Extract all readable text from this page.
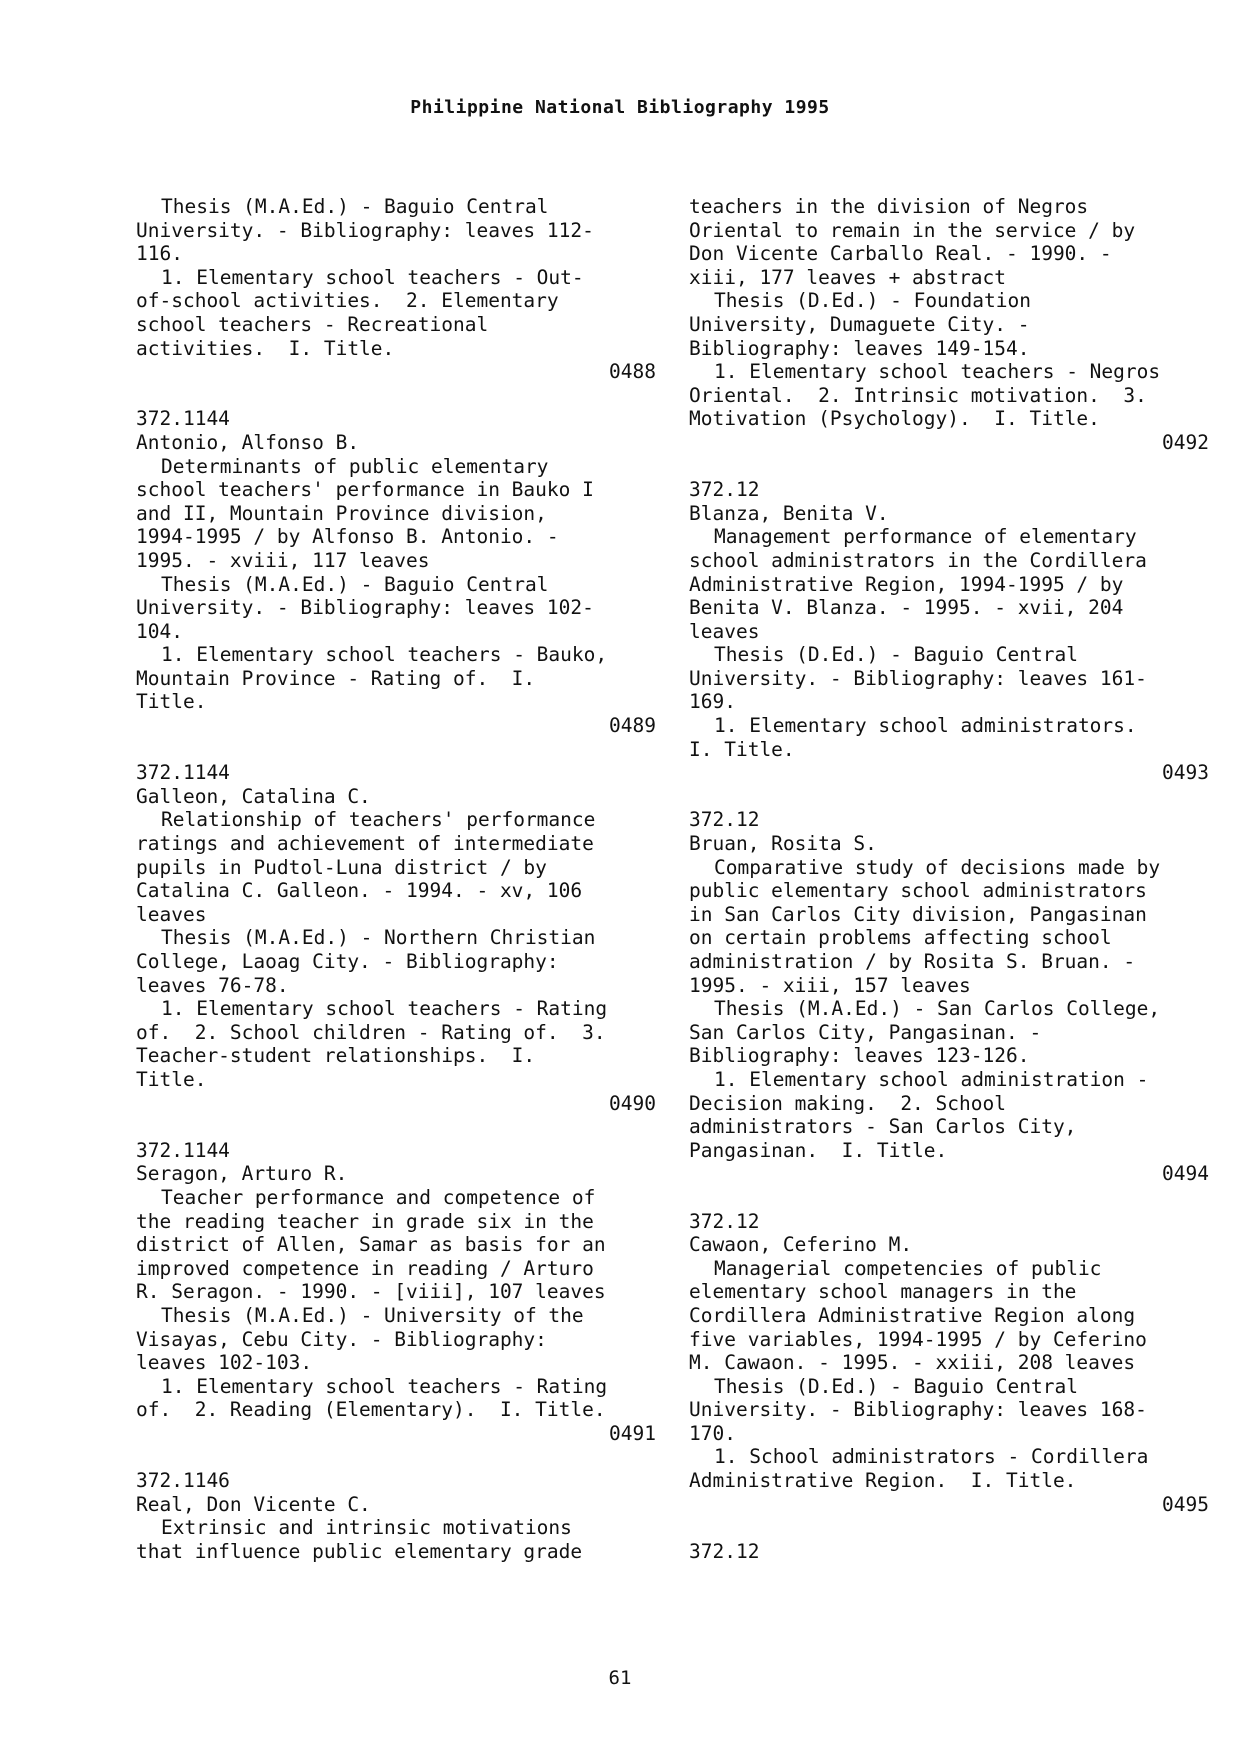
Philippine National Bibliography 1995
Thesis (M.A.Ed.) - Baguio Central
University. - Bibliography: leaves 112-
116.
1. Elementary school teachers - Out-
of-school activities.  2. Elementary
school teachers - Recreational
activities.  I. Title.
0488
372.1144
Antonio, Alfonso B.
Determinants of public elementary
school teachers' performance in Bauko I
and II, Mountain Province division,
1994-1995 / by Alfonso B. Antonio. -
1995. - xviii, 117 leaves
Thesis (M.A.Ed.) - Baguio Central
University. - Bibliography: leaves 102-
104.
1. Elementary school teachers - Bauko,
Mountain Province - Rating of.  I.
Title.
0489
372.1144
Galleon, Catalina C.
Relationship of teachers' performance
ratings and achievement of intermediate
pupils in Pudtol-Luna district / by
Catalina C. Galleon. - 1994. - xv, 106
leaves
Thesis (M.A.Ed.) - Northern Christian
College, Laoag City. - Bibliography:
leaves 76-78.
1. Elementary school teachers - Rating
of.  2. School children - Rating of.  3.
Teacher-student relationships.  I.
Title.
0490
372.1144
Seragon, Arturo R.
Teacher performance and competence of
the reading teacher in grade six in the
district of Allen, Samar as basis for an
improved competence in reading / Arturo
R. Seragon. - 1990. - [viii], 107 leaves
Thesis (M.A.Ed.) - University of the
Visayas, Cebu City. - Bibliography:
leaves 102-103.
1. Elementary school teachers - Rating
of.  2. Reading (Elementary).  I. Title.
0491
372.1146
Real, Don Vicente C.
Extrinsic and intrinsic motivations
that influence public elementary grade
teachers in the division of Negros
Oriental to remain in the service / by
Don Vicente Carballo Real. - 1990. -
xiii, 177 leaves + abstract
Thesis (D.Ed.) - Foundation
University, Dumaguete City. -
Bibliography: leaves 149-154.
1. Elementary school teachers - Negros
Oriental.  2. Intrinsic motivation.  3.
Motivation (Psychology).  I. Title.
0492
372.12
Blanza, Benita V.
Management performance of elementary
school administrators in the Cordillera
Administrative Region, 1994-1995 / by
Benita V. Blanza. - 1995. - xvii, 204
leaves
Thesis (D.Ed.) - Baguio Central
University. - Bibliography: leaves 161-
169.
1. Elementary school administrators.
I. Title.
0493
372.12
Bruan, Rosita S.
Comparative study of decisions made by
public elementary school administrators
in San Carlos City division, Pangasinan
on certain problems affecting school
administration / by Rosita S. Bruan. -
1995. - xiii, 157 leaves
Thesis (M.A.Ed.) - San Carlos College,
San Carlos City, Pangasinan. -
Bibliography: leaves 123-126.
1. Elementary school administration -
Decision making.  2. School
administrators - San Carlos City,
Pangasinan.  I. Title.
0494
372.12
Cawaon, Ceferino M.
Managerial competencies of public
elementary school managers in the
Cordillera Administrative Region along
five variables, 1994-1995 / by Ceferino
M. Cawaon. - 1995. - xxiii, 208 leaves
Thesis (D.Ed.) - Baguio Central
University. - Bibliography: leaves 168-
170.
1. School administrators - Cordillera
Administrative Region.  I. Title.
0495
372.12
61
